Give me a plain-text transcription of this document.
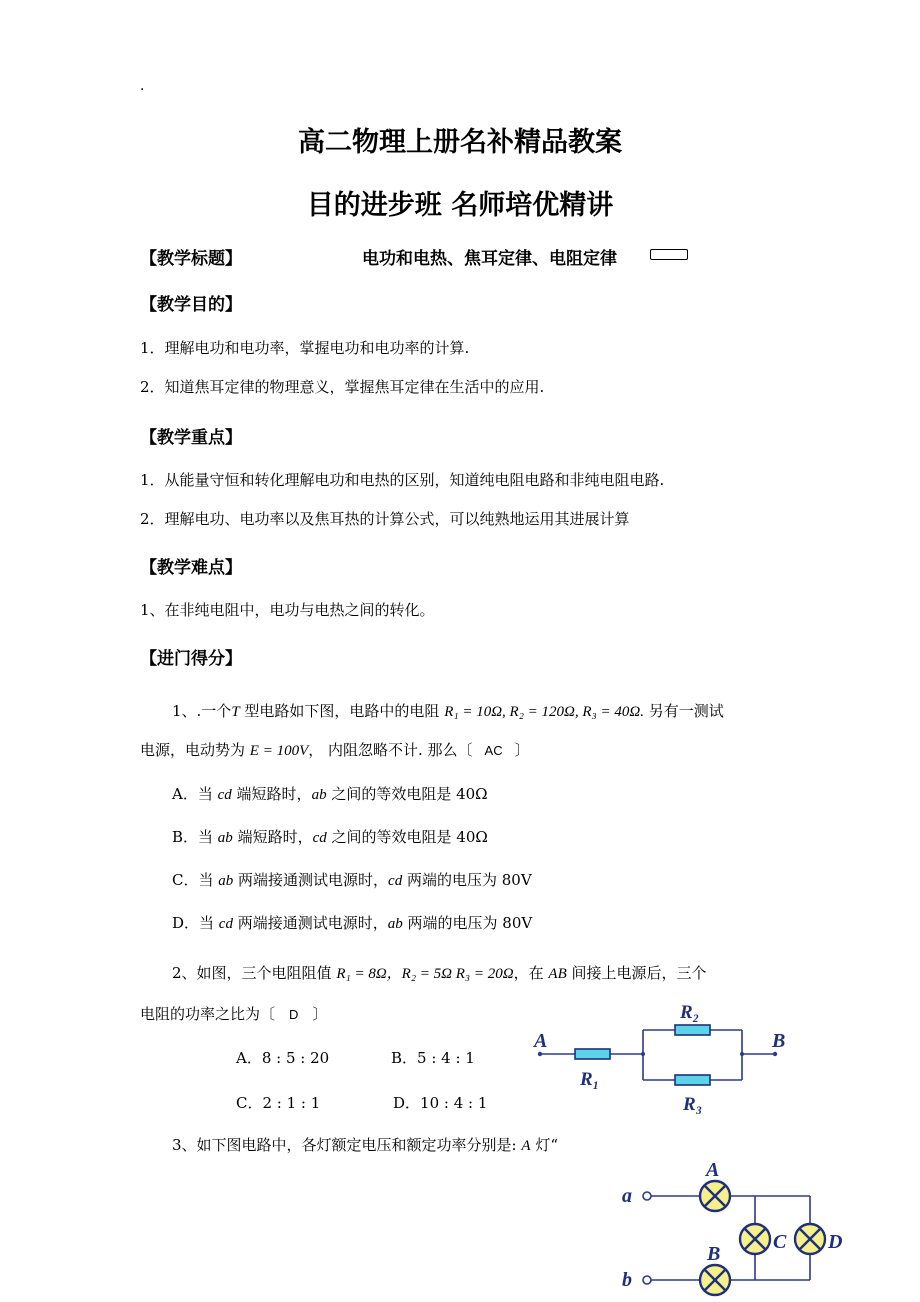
.
高二物理上册名补精品教案
目的进步班 名师培优精讲
【教学标题】	电功和电热、焦耳定律、电阻定律
【教学目的】
1．理解电功和电功率，掌握电功和电功率的计算.
2．知道焦耳定律的物理意义，掌握焦耳定律在生活中的应用.
【教学重点】
1．从能量守恒和转化理解电功和电热的区别，知道纯电阻电路和非纯电阻电路.
2．理解电功、电功率以及焦耳热的计算公式，可以纯熟地运用其进展计算
【教学难点】
1、在非纯电阻中，电功与电热之间的转化。
【进门得分】
1、.一个T 型电路如下图，电路中的电阻 R₁ = 10Ω, R₂ = 120Ω, R₃ = 40Ω. 另有一测试
电源，电动势为 E = 100V， 内阻忽略不计. 那么〔 AC 〕
A．当 cd 端短路时，ab 之间的等效电阻是 40Ω
B．当 ab 端短路时，cd 之间的等效电阻是 40Ω
C．当 ab 两端接通测试电源时，cd 两端的电压为 80V
D．当 cd 两端接通测试电源时，ab 两端的电压为 80V
2、如图，三个电阻阻值 R₁ = 8Ω，R₂ = 5Ω R₃ = 20Ω，在 AB 间接上电源后，三个
电阻的功率之比为〔 D 〕
A．8 : 5 : 20	B．5 : 4 : 1
C．2 : 1 : 1	D．10 : 4 : 1
A	B
R₁
R₂
R₃
3、如下图电路中，各灯额定电压和额定功率分别是: A 灯“
a
b
A
B
C D
